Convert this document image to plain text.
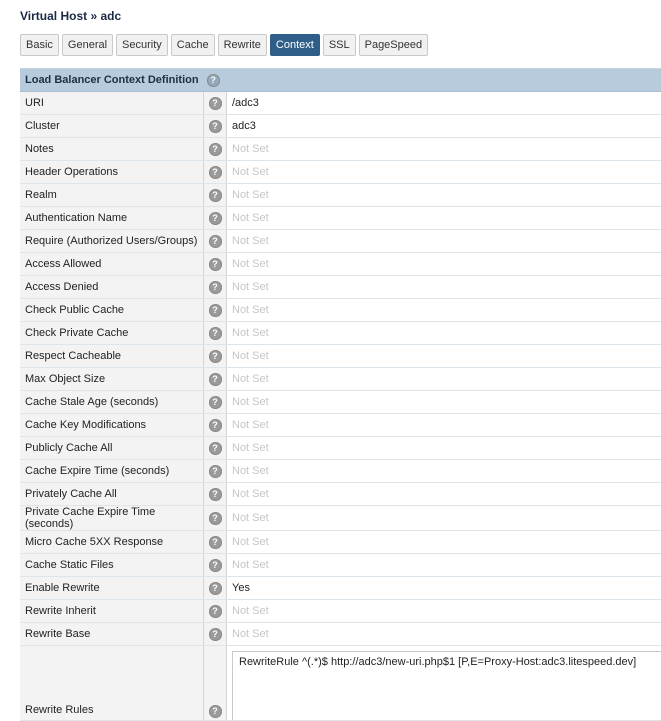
Virtual Host » adc
Basic	General	Security	Cache	Rewrite	Context	SSL	PageSpeed
Load Balancer Context Definition	?
URI	?	/adc3
Cluster	?	adc3
Notes	?	Not Set
Header Operations	?	Not Set
Realm	?	Not Set
Authentication Name	?	Not Set
Require (Authorized Users/Groups)	?	Not Set
Access Allowed	?	Not Set
Access Denied	?	Not Set
Check Public Cache	?	Not Set
Check Private Cache	?	Not Set
Respect Cacheable	?	Not Set
Max Object Size	?	Not Set
Cache Stale Age (seconds)	?	Not Set
Cache Key Modifications	?	Not Set
Publicly Cache All	?	Not Set
Cache Expire Time (seconds)	?	Not Set
Privately Cache All	?	Not Set
Private Cache Expire Time (seconds)	?	Not Set
Micro Cache 5XX Response	?	Not Set
Cache Static Files	?	Not Set
Enable Rewrite	?	Yes
Rewrite Inherit	?	Not Set
Rewrite Base	?	Not Set
Rewrite Rules	?	RewriteRule ^(.*)$ http://adc3/new-uri.php$1 [P,E=Proxy-Host:adc3.litespeed.dev]
